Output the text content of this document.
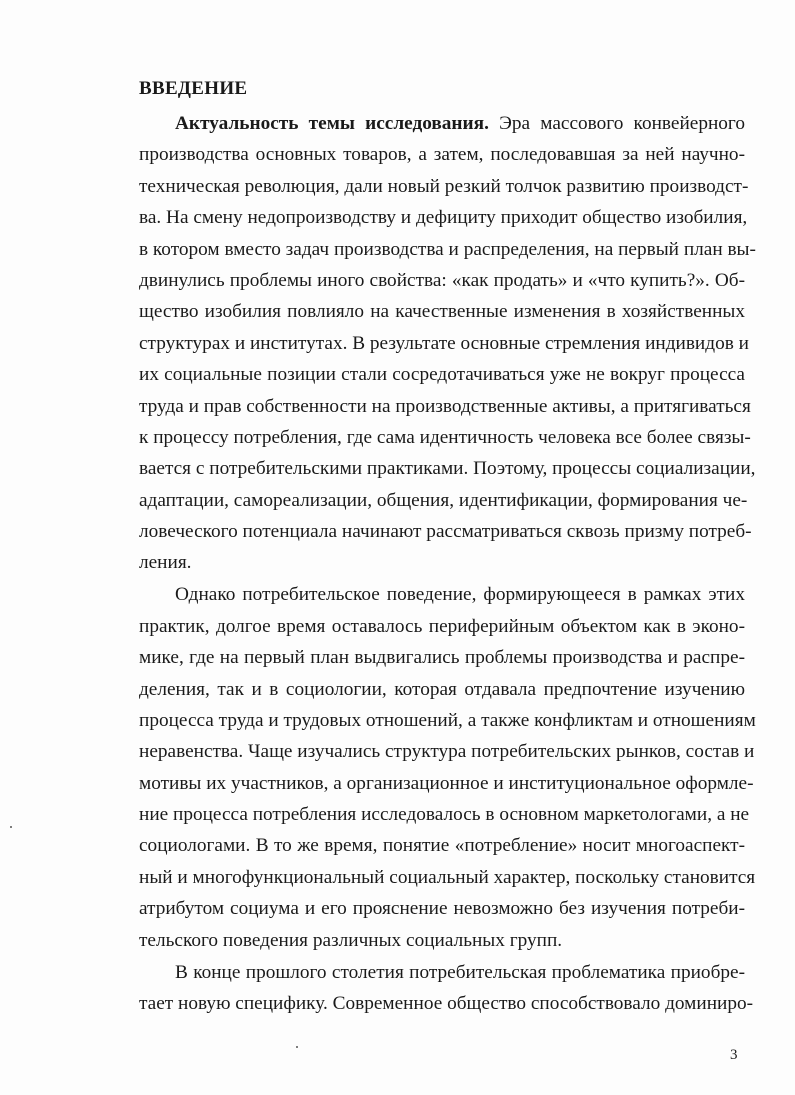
ВВЕДЕНИЕ
Актуальность темы исследования. Эра массового конвейерного
производства основных товаров, а затем, последовавшая за ней научно-
техническая революция, дали новый резкий толчок развитию производст-
ва. На смену недопроизводству и дефициту приходит общество изобилия,
в котором вместо задач производства и распределения, на первый план вы-
двинулись проблемы иного свойства: «как продать» и «что купить?». Об-
щество изобилия повлияло на качественные изменения в хозяйственных
структурах и институтах. В результате основные стремления индивидов и
их социальные позиции стали сосредотачиваться уже не вокруг процесса
труда и прав собственности на производственные активы, а притягиваться
к процессу потребления, где сама идентичность человека все более связы-
вается с потребительскими практиками. Поэтому, процессы социализации,
адаптации, самореализации, общения, идентификации, формирования че-
ловеческого потенциала начинают рассматриваться сквозь призму потреб-
ления.
Однако потребительское поведение, формирующееся в рамках этих
практик, долгое время оставалось периферийным объектом как в эконо-
мике, где на первый план выдвигались проблемы производства и распре-
деления, так и в социологии, которая отдавала предпочтение изучению
процесса труда и трудовых отношений, а также конфликтам и отношениям
неравенства. Чаще изучались структура потребительских рынков, состав и
мотивы их участников, а организационное и институциональное оформле-
ние процесса потребления исследовалось в основном маркетологами, а не
социологами. В то же время, понятие «потребление» носит многоаспект-
ный и многофункциональный социальный характер, поскольку становится
атрибутом социума и его прояснение невозможно без изучения потреби-
тельского поведения различных социальных групп.
В конце прошлого столетия потребительская проблематика приобре-
тает новую специфику. Современное общество способствовало доминиро-
3
